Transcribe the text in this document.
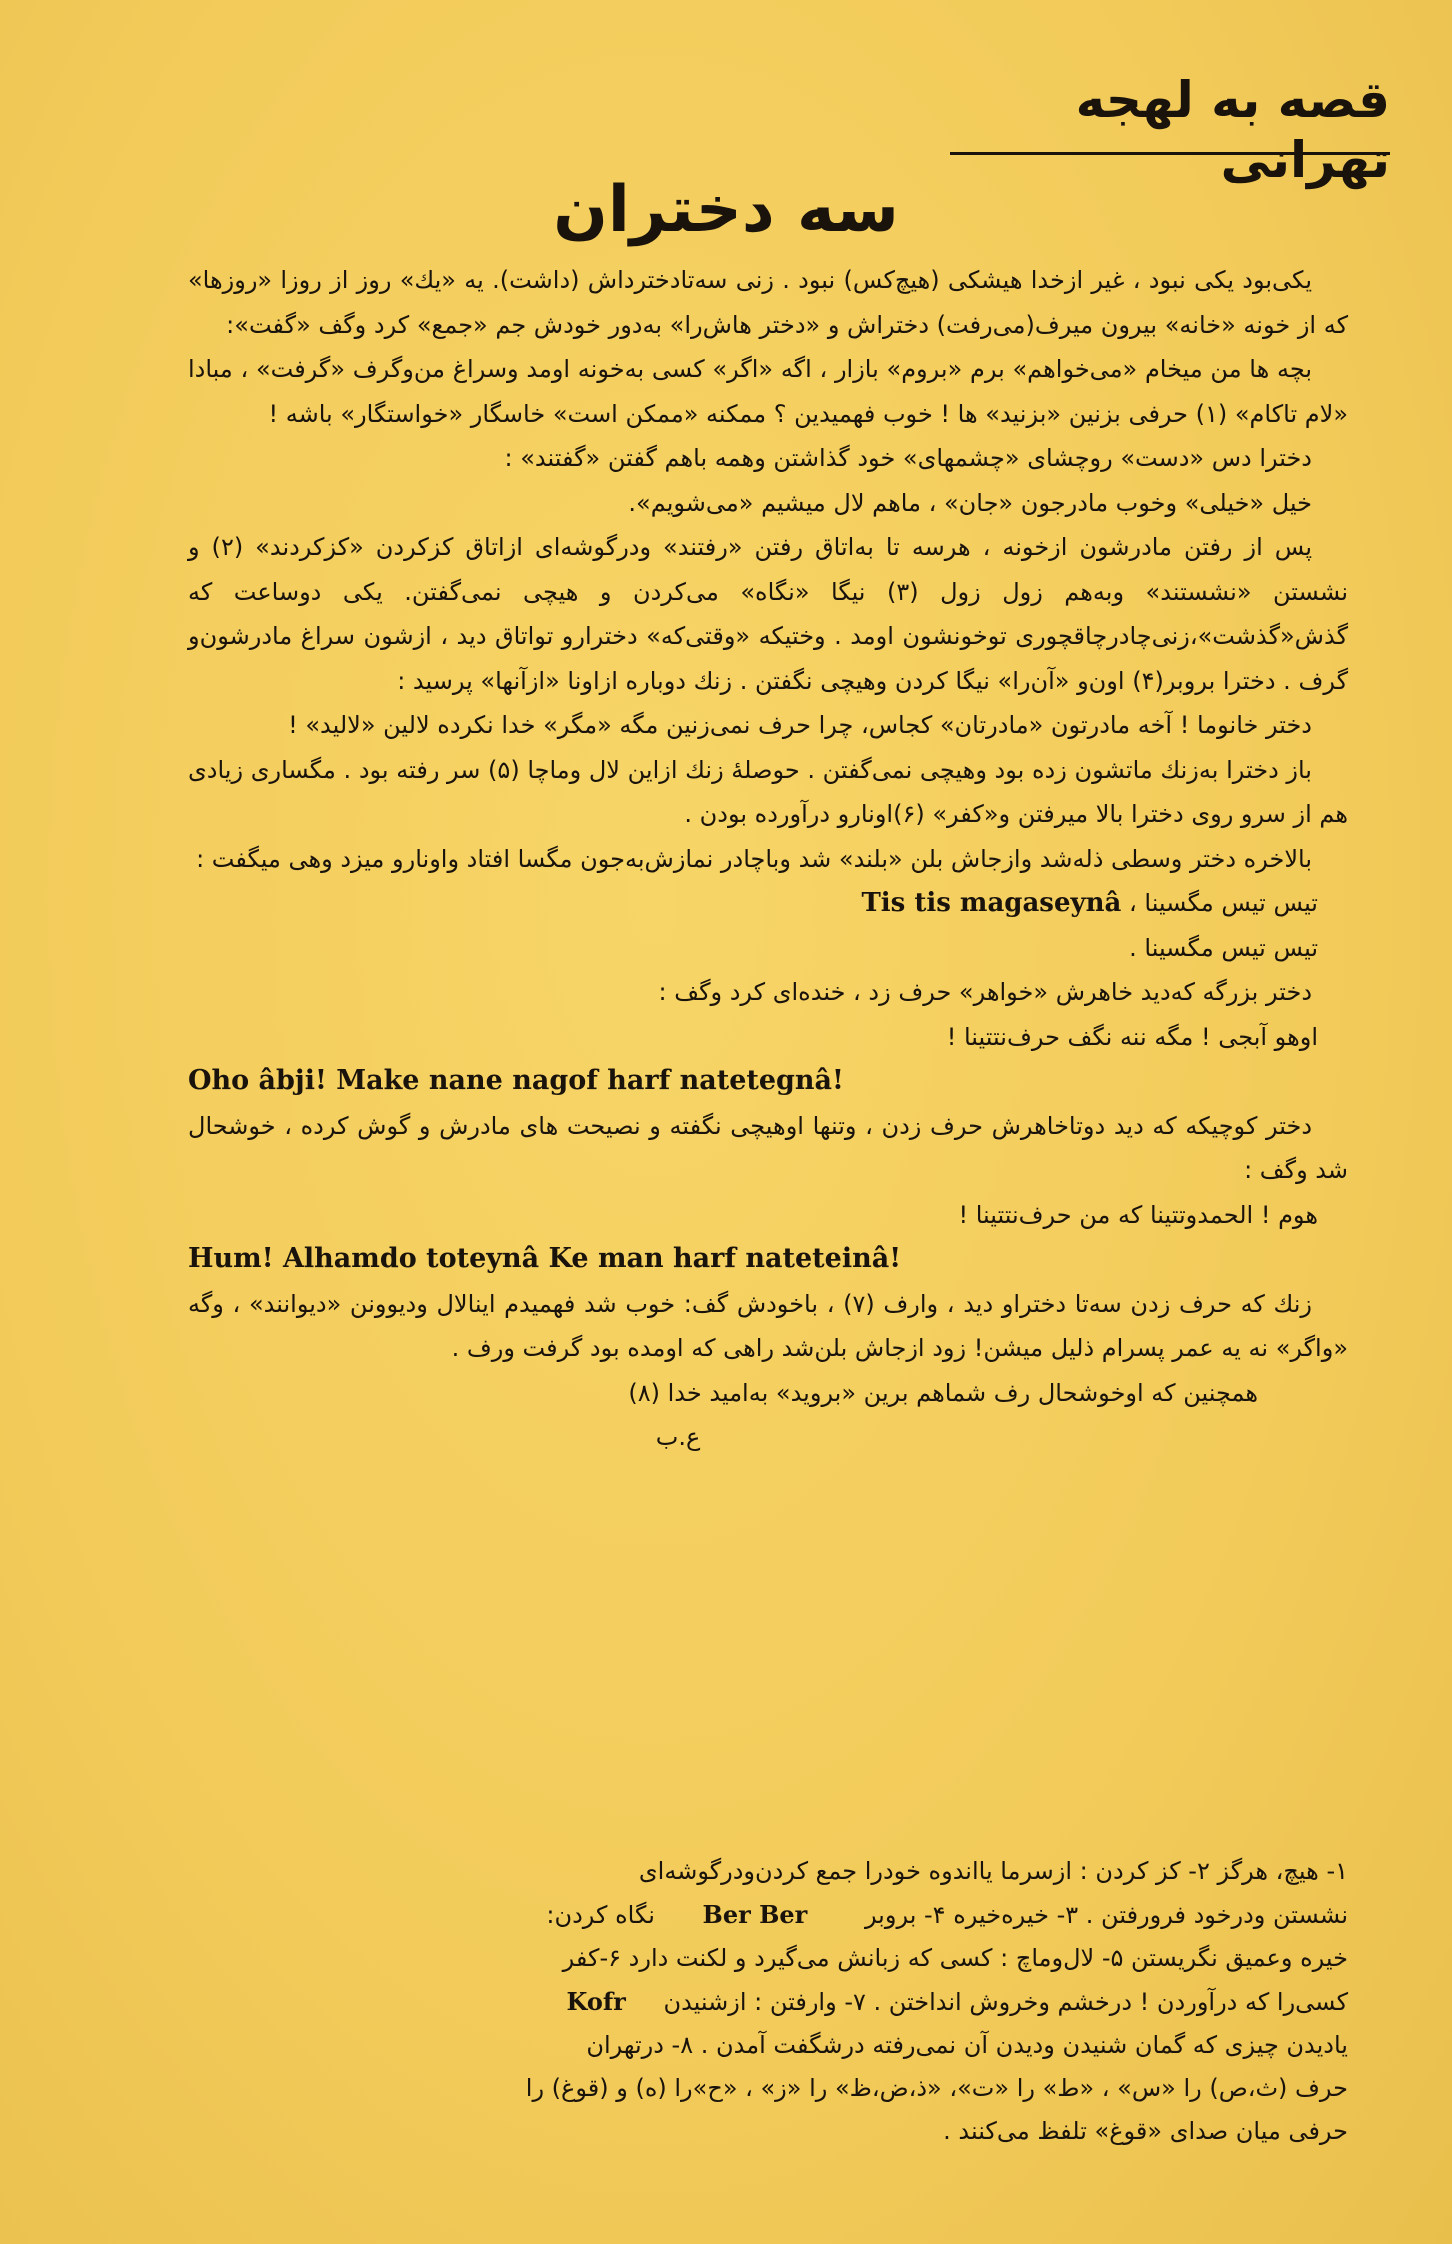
قصه به لهجه تهرانی
سه دختران

یکی‌بود یکی نبود ، غیر ازخدا هیشکی (هیچ‌کس) نبود . زنی سه‌تادختر‌داش (داشت). یه «یك» روز از روزا «روزها» که از خونه «خانه» بیرون میرف(می‌رفت) دختراش و «دختر هاش‌را» به‌دور خودش جم «جمع» کرد وگف «گفت»:

بچه ها من میخام «می‌خواهم» برم «بروم» بازار ، اگه «اگر» کسی به‌خونه اومد وسراغ من‌وگرف «گرفت» ، مبادا «لام تاکام» (۱) حرفی بزنین «بزنید» ها ! خوب فهمیدین ؟ ممکنه «ممکن است» خاسگار «خواستگار» باشه !

دخترا دس «دست» روچشای «چشمهای» خود گذاشتن وهمه باهم گفتن «گفتند» :

خیل «خیلی» وخوب مادرجون «جان» ، ماهم لال میشیم «می‌شویم».

پس از رفتن مادرشون ازخونه ، هرسه تا به‌اتاق رفتن «رفتند» ودرگوشه‌ای ازاتاق کزکردن «کزکردند» (۲) و نشستن «نشستند» وبه‌هم زول زول (۳) نیگا «نگاه» می‌کردن و هیچی نمی‌گفتن. یکی دوساعت که گذش«گذشت»،زنی‌چادرچاقچوری توخونشون اومد . وختیکه «وقتی‌که» دخترارو تواتاق دید ، ازشون سراغ مادرشون‌و گرف . دخترا بروبر(۴) اون‌و «آن‌را» نیگا کردن وهیچی نگفتن . زنك دوباره ازاونا «ازآنها» پرسید :

دختر خانوما ! آخه مادرتون «مادرتان» کجاس، چرا حرف نمی‌زنین مگه «مگر» خدا نکرده لالین «لالید» !

باز دخترا به‌زنك ماتشون زده بود وهیچی نمی‌گفتن . حوصلهٔ زنك ازاین لال وماچا (۵) سر رفته بود . مگساری زیادی هم از سرو روی دخترا بالا میرفتن و«کفر» (۶)اونارو درآورده بودن .

بالاخره دختر وسطی ذله‌شد وازجاش بلن «بلند» شد وباچادر نمازش‌به‌جون مگسا افتاد واونارو میزد وهی میگفت :

تیس تیس مگسینا ، Tis tis magaseynâ

تیس تیس مگسینا .

دختر بزرگه که‌دید خاهرش «خواهر» حرف زد ، خنده‌ای کرد وگف :

اوهو آبجی ! مگه ننه نگف حرف‌نتتینا !

Oho âbji! Make nane nagof harf natetegnâ!

دختر کوچیکه که دید دوتاخاهرش حرف زدن ، وتنها اوهیچی نگفته و نصیحت های مادرش و گوش کرده ، خوشحال شد وگف :

هوم ! الحمدوتتینا که من حرف‌نتتینا !

Hum! Alhamdo toteynâ Ke man harf nateteinâ!

زنك که حرف زدن سه‌تا دختراو دید ، وارف (۷) ، باخودش گف: خوب شد فهمیدم اینالال ودیوونن «دیوانند» ، وگه «واگر» نه یه عمر پسرام ذلیل میشن! زود ازجاش بلن‌شد راهی که اومده بود گرفت ورف .

همچنین که اوخوشحال رف شماهم برین «بروید» به‌امید خدا (۸)

ع.ب

۱- هیچ، هرگز ۲- کز کردن : ازسرما یااندوه خودرا جمع کردن‌ودرگوشه‌ای

نشستن ودرخود فرورفتن . ۳- خیره‌خیره ۴- بروبر Ber Ber نگاه کردن:

خیره وعمیق نگریستن ۵- لال‌وماچ : کسی که زبانش می‌گیرد و لکنت دارد ۶-کفر

کسی‌را که درآوردن ! درخشم وخروش انداختن . ۷- وارفتن : ازشنیدن Kofr

یادیدن چیزی که گمان شنیدن ودیدن آن نمی‌رفته درشگفت آمدن . ۸- درتهران

حرف (ث،ص) را «س» ، «ط» را «ت»، «ذ،ض،ظ» را «ز» ، «ح»را (ه) و (قوغ) را

حرفی میان صدای «قوغ» تلفظ می‌کنند .
